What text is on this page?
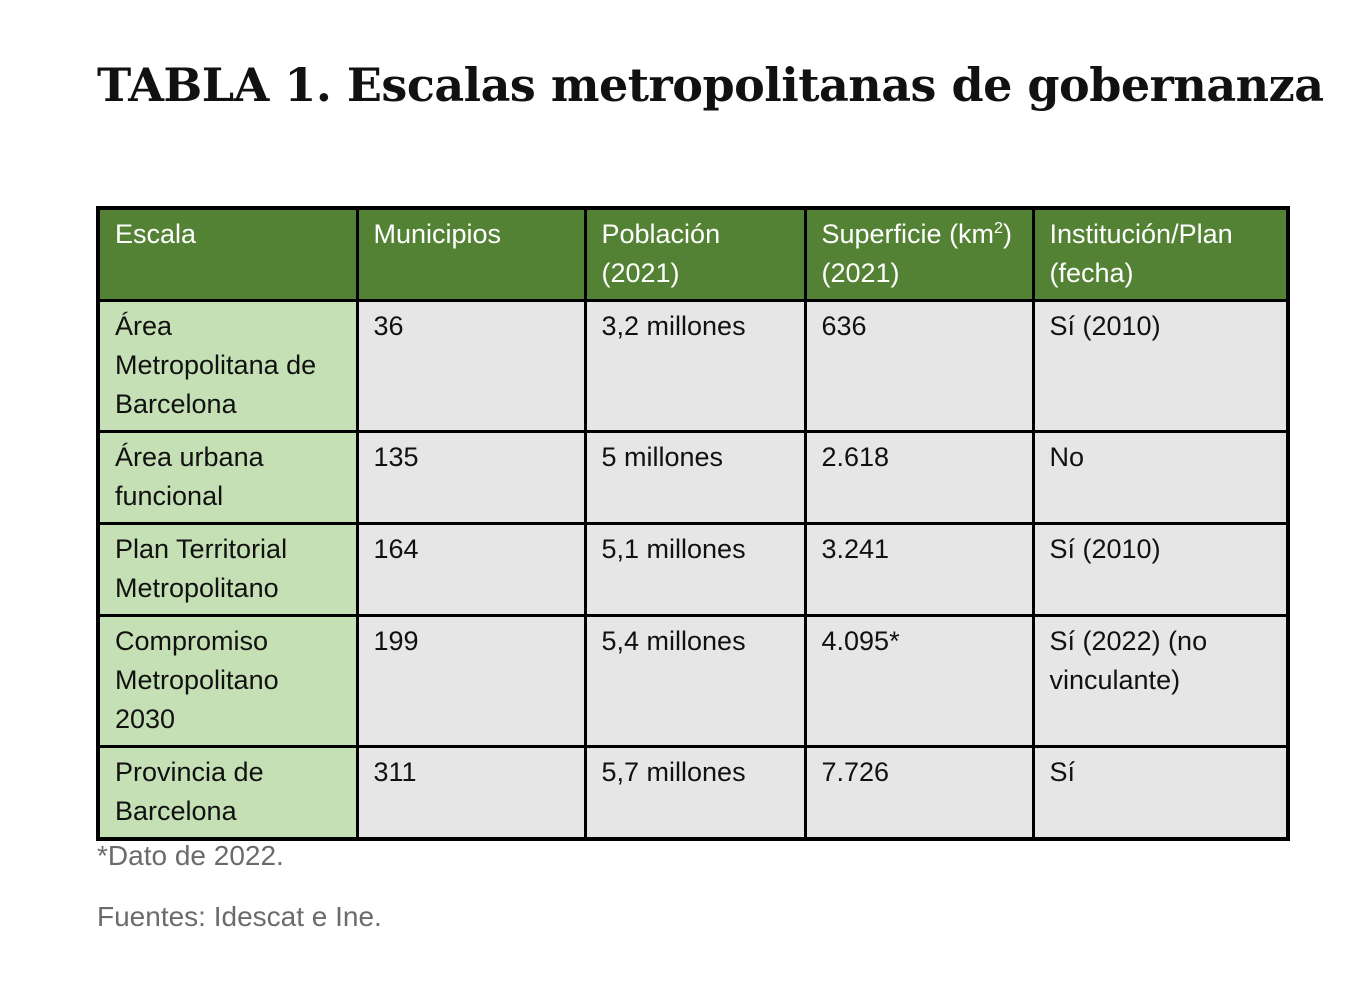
TABLA 1. Escalas metropolitanas de gobernanza
Escala	Municipios	Población (2021)	Superficie $(km^2)$ (2021)	Institución/Plan (fecha)
Área Metropolitana de Barcelona	36	3,2 millones	636	Sí (2010)
Área urbana funcional	135	5 millones	2.618	No
Plan Territorial Metropolitano	164	5,1 millones	3.241	Sí (2010)
Compromiso Metropolitano 2030	199	5,4 millones	4.095*	Sí (2022) (no vinculante)
Provincia de Barcelona	311	5,7 millones	7.726	Sí

*Dato de 2022.

Fuentes: Idescat e Ine.
